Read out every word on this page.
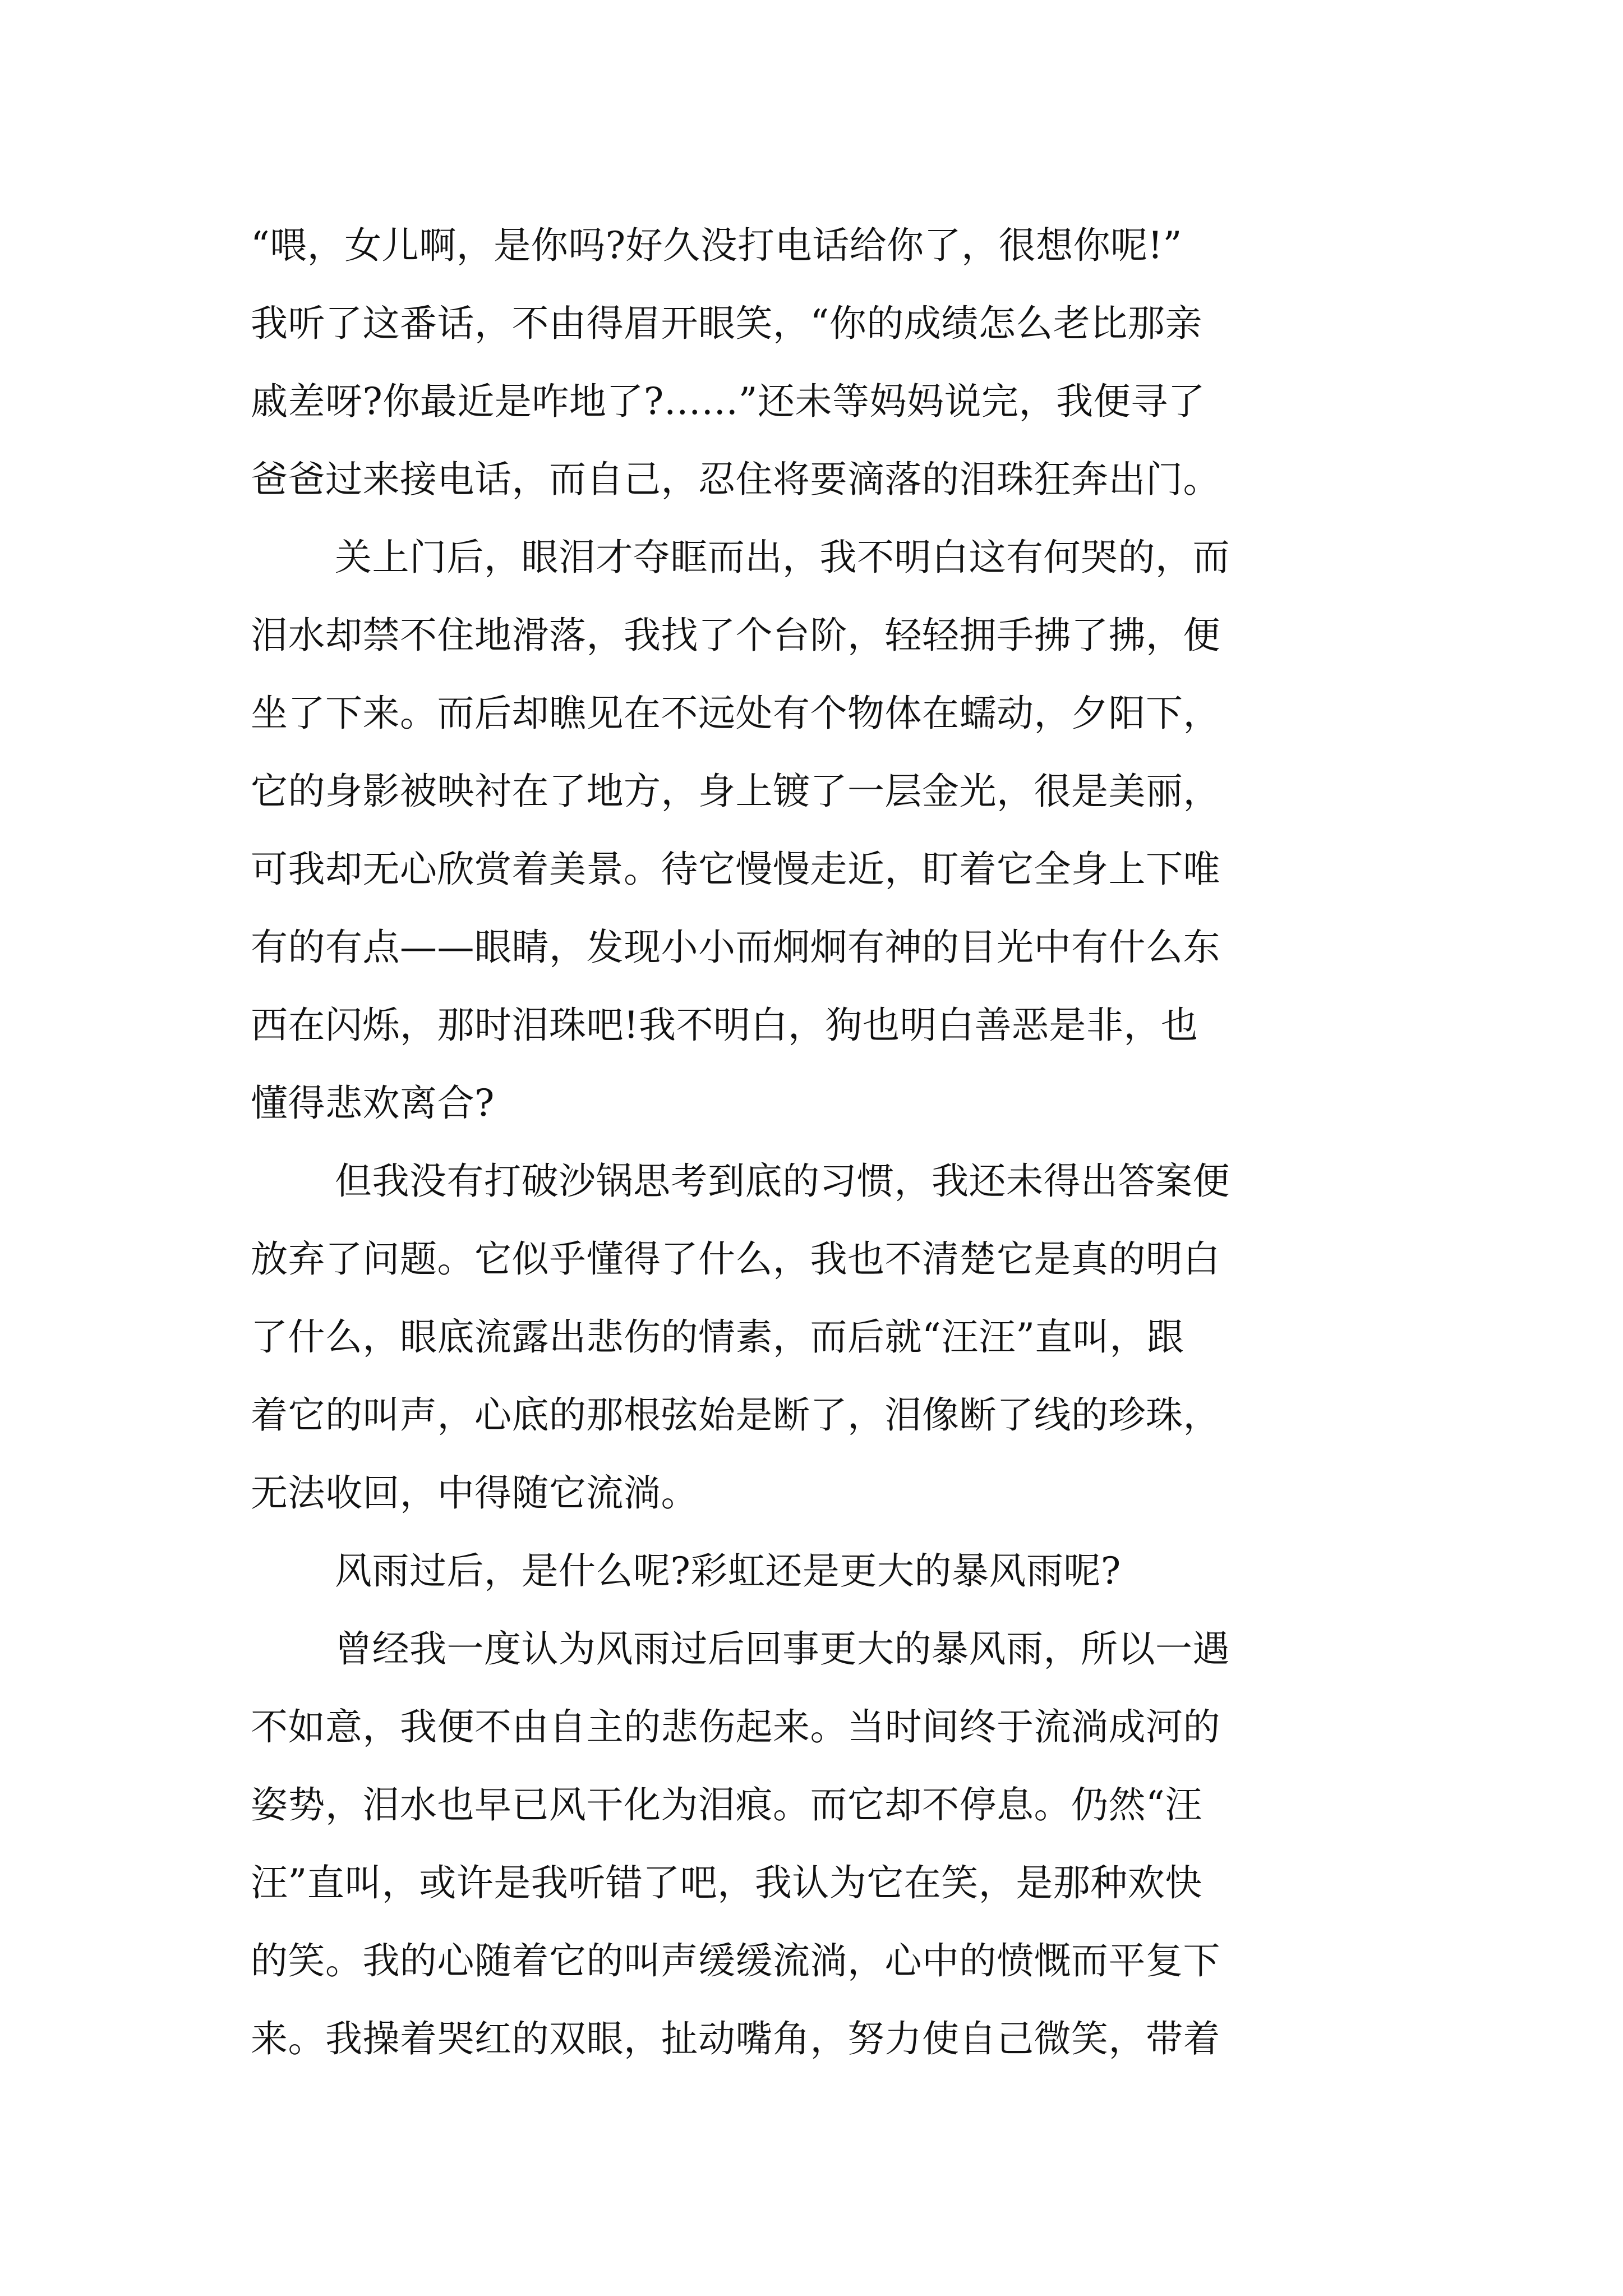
“喂，女儿啊，是你吗?好久没打电话给你了，很想你呢!”
我听了这番话，不由得眉开眼笑，“你的成绩怎么老比那亲
戚差呀?你最近是咋地了?……”还未等妈妈说完，我便寻了
爸爸过来接电话，而自己，忍住将要滴落的泪珠狂奔出门。
关上门后，眼泪才夺眶而出，我不明白这有何哭的，而
泪水却禁不住地滑落，我找了个台阶，轻轻拥手拂了拂，便
坐了下来。而后却瞧见在不远处有个物体在蠕动，夕阳下，
它的身影被映衬在了地方，身上镀了一层金光，很是美丽，
可我却无心欣赏着美景。待它慢慢走近，盯着它全身上下唯
有的有点——眼睛，发现小小而炯炯有神的目光中有什么东
西在闪烁，那时泪珠吧!我不明白，狗也明白善恶是非，也
懂得悲欢离合?
但我没有打破沙锅思考到底的习惯，我还未得出答案便
放弃了问题。它似乎懂得了什么，我也不清楚它是真的明白
了什么，眼底流露出悲伤的情素，而后就“汪汪”直叫，跟
着它的叫声，心底的那根弦始是断了，泪像断了线的珍珠，
无法收回，中得随它流淌。
风雨过后，是什么呢?彩虹还是更大的暴风雨呢?
曾经我一度认为风雨过后回事更大的暴风雨，所以一遇
不如意，我便不由自主的悲伤起来。当时间终于流淌成河的
姿势，泪水也早已风干化为泪痕。而它却不停息。仍然“汪
汪”直叫，或许是我听错了吧，我认为它在笑，是那种欢快
的笑。我的心随着它的叫声缓缓流淌，心中的愤慨而平复下
来。我操着哭红的双眼，扯动嘴角，努力使自己微笑，带着
